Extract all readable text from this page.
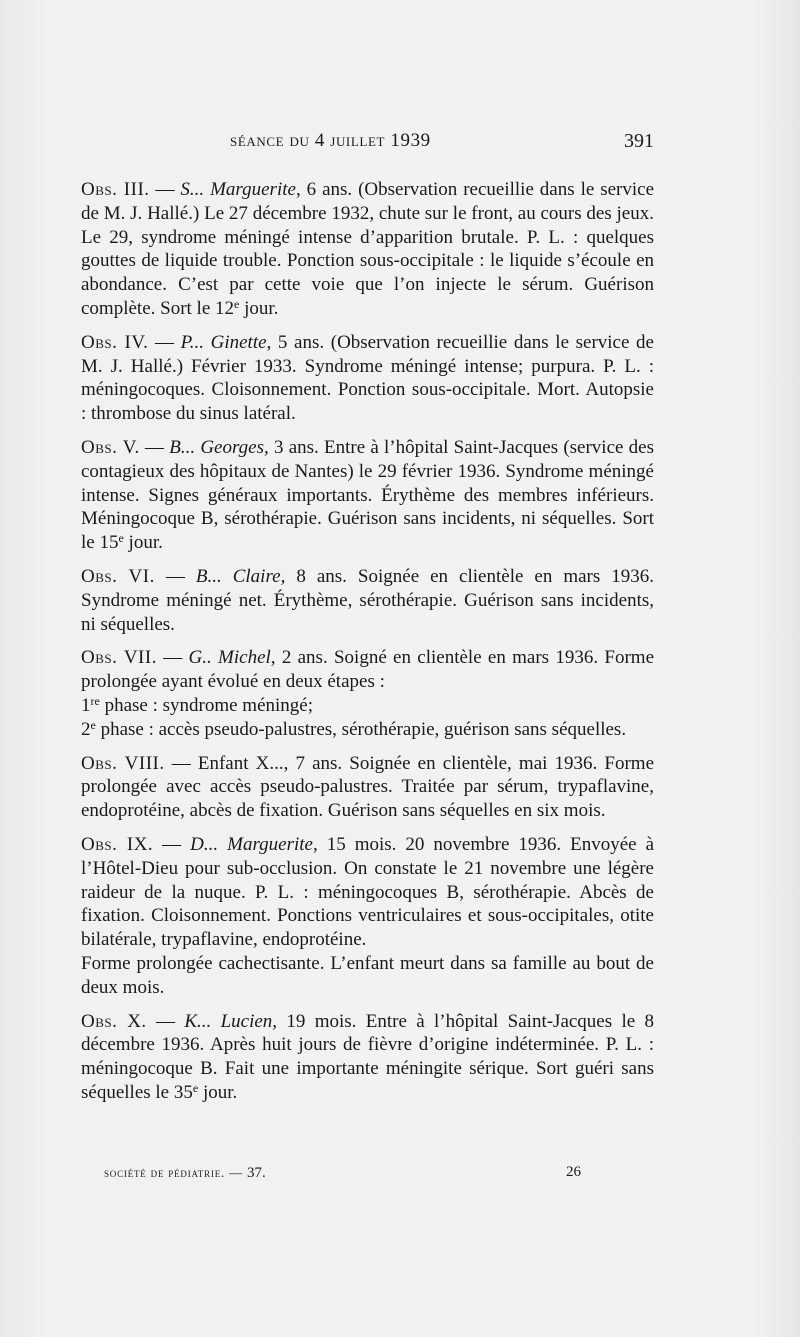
séance du 4 juillet 1939	391

Obs. III. — S... Marguerite, 6 ans. (Observation recueillie dans le service de M. J. Hallé.) Le 27 décembre 1932, chute sur le front, au cours des jeux. Le 29, syndrome méningé intense d’apparition brutale. P. L. : quelques gouttes de liquide trouble. Ponction sous-occipitale : le liquide s’écoule en abondance. C’est par cette voie que l’on injecte le sérum. Guérison complète. Sort le 12e jour.

Obs. IV. — P... Ginette, 5 ans. (Observation recueillie dans le service de M. J. Hallé.) Février 1933. Syndrome méningé intense; purpura. P. L. : méningocoques. Cloisonnement. Ponction sous-occipitale. Mort. Autopsie : thrombose du sinus latéral.

Obs. V. — B... Georges, 3 ans. Entre à l’hôpital Saint-Jacques (service des contagieux des hôpitaux de Nantes) le 29 février 1936. Syndrome méningé intense. Signes généraux importants. Érythème des membres inférieurs. Méningocoque B, sérothérapie. Guérison sans incidents, ni séquelles. Sort le 15e jour.

Obs. VI. — B... Claire, 8 ans. Soignée en clientèle en mars 1936. Syndrome méningé net. Érythème, sérothérapie. Guérison sans incidents, ni séquelles.

Obs. VII. — G.. Michel, 2 ans. Soigné en clientèle en mars 1936. Forme prolongée ayant évolué en deux étapes :
1re phase : syndrome méningé;
2e phase : accès pseudo-palustres, sérothérapie, guérison sans séquelles.

Obs. VIII. — Enfant X..., 7 ans. Soignée en clientèle, mai 1936. Forme prolongée avec accès pseudo-palustres. Traitée par sérum, trypaflavine, endoprotéine, abcès de fixation. Guérison sans séquelles en six mois.

Obs. IX. — D... Marguerite, 15 mois. 20 novembre 1936. Envoyée à l’Hôtel-Dieu pour sub-occlusion. On constate le 21 novembre une légère raideur de la nuque. P. L. : méningocoques B, sérothérapie. Abcès de fixation. Cloisonnement. Ponctions ventriculaires et sous-occipitales, otite bilatérale, trypaflavine, endoprotéine.
Forme prolongée cachectisante. L’enfant meurt dans sa famille au bout de deux mois.

Obs. X. — K... Lucien, 19 mois. Entre à l’hôpital Saint-Jacques le 8 décembre 1936. Après huit jours de fièvre d’origine indéterminée. P. L. : méningocoque B. Fait une importante méningite sérique. Sort guéri sans séquelles le 35e jour.

société de pédiatrie. — 37.	26
